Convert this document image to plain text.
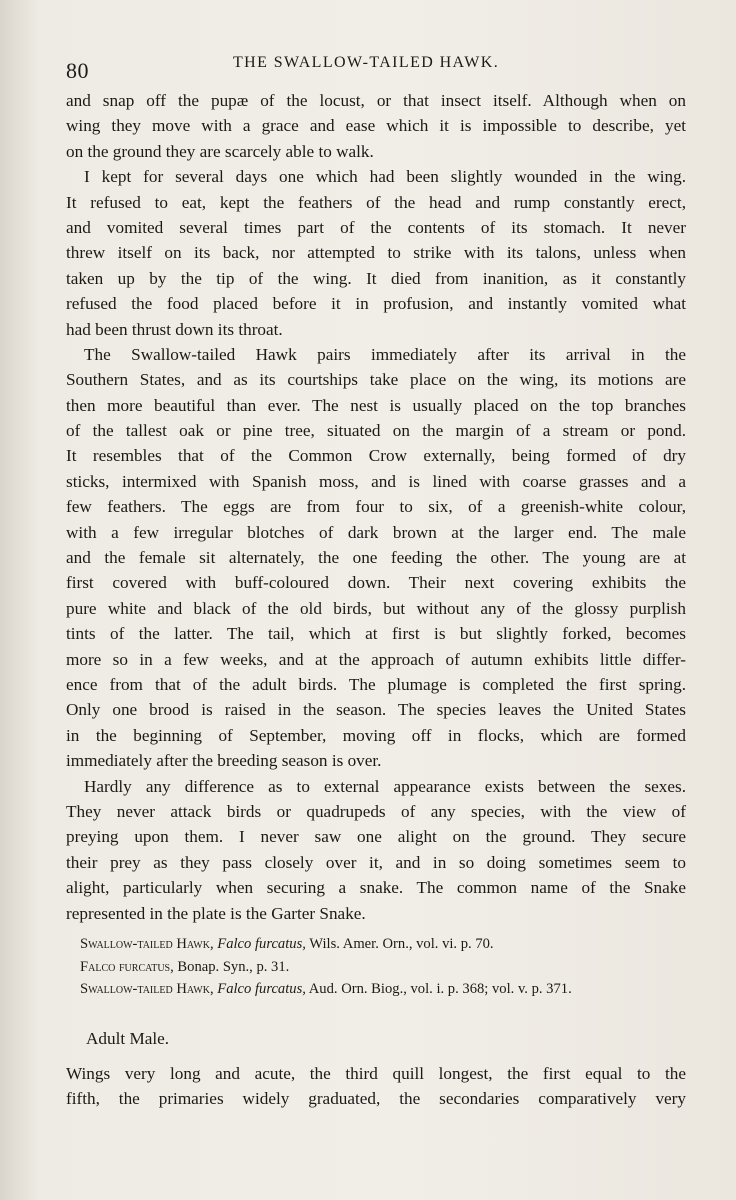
80	THE SWALLOW-TAILED HAWK.
and snap off the pupæ of the locust, or that insect itself. Although when on
wing they move with a grace and ease which it is impossible to describe, yet
on the ground they are scarcely able to walk.
I kept for several days one which had been slightly wounded in the wing.
It refused to eat, kept the feathers of the head and rump constantly erect,
and vomited several times part of the contents of its stomach. It never
threw itself on its back, nor attempted to strike with its talons, unless when
taken up by the tip of the wing. It died from inanition, as it constantly
refused the food placed before it in profusion, and instantly vomited what
had been thrust down its throat.
The Swallow-tailed Hawk pairs immediately after its arrival in the
Southern States, and as its courtships take place on the wing, its motions are
then more beautiful than ever. The nest is usually placed on the top branches
of the tallest oak or pine tree, situated on the margin of a stream or pond.
It resembles that of the Common Crow externally, being formed of dry
sticks, intermixed with Spanish moss, and is lined with coarse grasses and a
few feathers. The eggs are from four to six, of a greenish-white colour,
with a few irregular blotches of dark brown at the larger end. The male
and the female sit alternately, the one feeding the other. The young are at
first covered with buff-coloured down. Their next covering exhibits the
pure white and black of the old birds, but without any of the glossy purplish
tints of the latter. The tail, which at first is but slightly forked, becomes
more so in a few weeks, and at the approach of autumn exhibits little differ-
ence from that of the adult birds. The plumage is completed the first spring.
Only one brood is raised in the season. The species leaves the United States
in the beginning of September, moving off in flocks, which are formed
immediately after the breeding season is over.
Hardly any difference as to external appearance exists between the sexes.
They never attack birds or quadrupeds of any species, with the view of
preying upon them. I never saw one alight on the ground. They secure
their prey as they pass closely over it, and in so doing sometimes seem to
alight, particularly when securing a snake. The common name of the Snake
represented in the plate is the Garter Snake.
Swallow-tailed Hawk, Falco furcatus, Wils. Amer. Orn., vol. vi. p. 70.
Falco furcatus, Bonap. Syn., p. 31.
Swallow-tailed Hawk, Falco furcatus, Aud. Orn. Biog., vol. i. p. 368; vol. v. p. 371.
Adult Male.
Wings very long and acute, the third quill longest, the first equal to the
fifth, the primaries widely graduated, the secondaries comparatively very
